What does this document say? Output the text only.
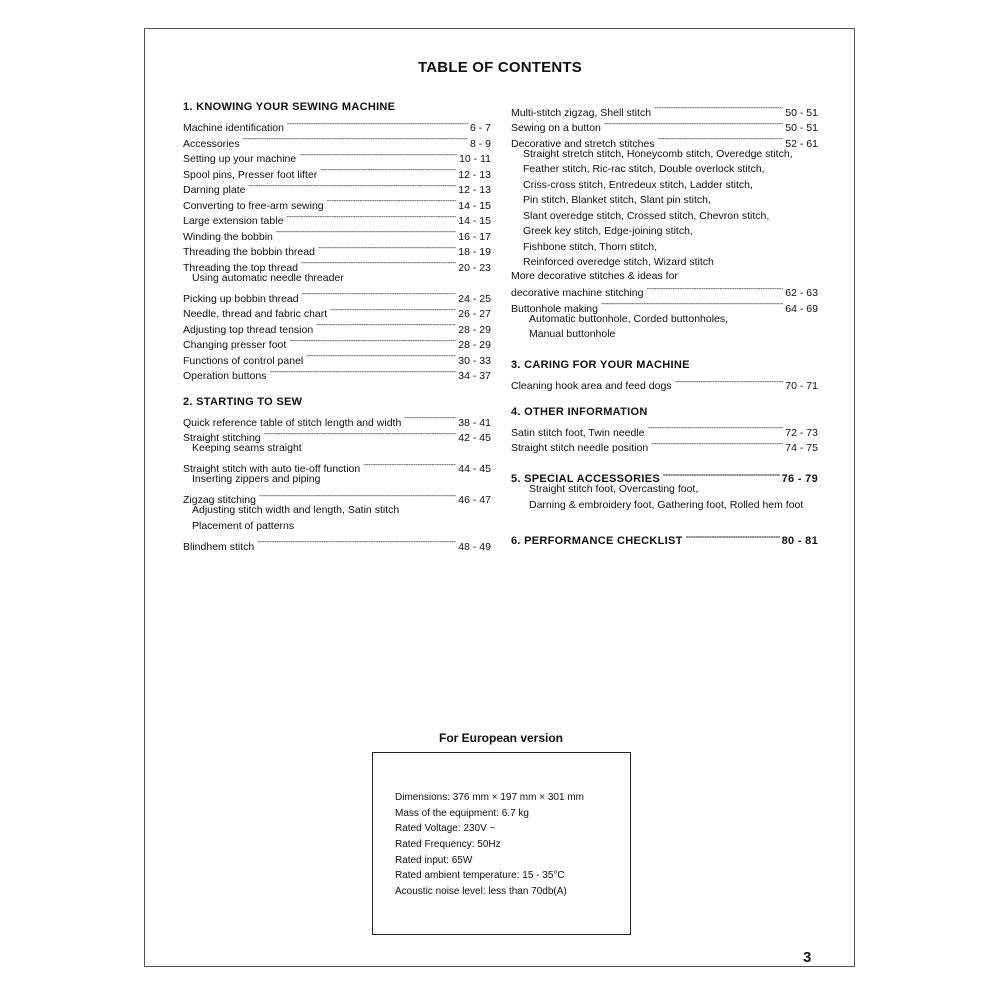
TABLE OF CONTENTS
1. KNOWING YOUR SEWING MACHINE
Machine identification -----	6 - 7
Accessories -----	8 - 9
Setting up your machine -----	10 - 11
Spool pins, Presser foot lifter -----	12 - 13
Darning plate -----	12 - 13
Converting to free-arm sewing -----	14 - 15
Large extension table -----	14 - 15
Winding the bobbin -----	16 - 17
Threading the bobbin thread -----	18 - 19
Threading the top thread -----	20 - 23
Using automatic needle threader
Picking up bobbin thread -----	24 - 25
Needle, thread and fabric chart -----	26 - 27
Adjusting top thread tension -----	28 - 29
Changing presser foot -----	28 - 29
Functions of control panel -----	30 - 33
Operation buttons -----	34 - 37
2. STARTING TO SEW
Quick reference table of stitch length and width -----	38 - 41
Straight stitching -----	42 - 45
Keeping seams straight
Straight stitch with auto tie-off function -----	44 - 45
Inserting zippers and piping
Zigzag stitching -----	46 - 47
Adjusting stitch width and length, Satin stitch
Placement of patterns
Blindhem stitch -----	48 - 49
Multi-stitch zigzag, Shell stitch -----	50 - 51
Sewing on a button -----	50 - 51
Decorative and stretch stitches -----	52 - 61
Straight stretch stitch, Honeycomb stitch, Overedge stitch,
Feather stitch, Ric-rac stitch, Double overlock stitch,
Criss-cross stitch, Entredeux stitch, Ladder stitch,
Pin stitch, Blanket stitch, Slant pin stitch,
Slant overedge stitch, Crossed stitch, Chevron stitch,
Greek key stitch, Edge-joining stitch,
Fishbone stitch, Thorn stitch,
Reinforced overedge stitch, Wizard stitch
More decorative stitches & ideas for
decorative machine stitching -----	62 - 63
Buttonhole making -----	64 - 69
Automatic buttonhole, Corded buttonholes,
Manual buttonhole
3. CARING FOR YOUR MACHINE
Cleaning hook area and feed dogs -----	70 - 71
4. OTHER INFORMATION
Satin stitch foot, Twin needle -----	72 - 73
Straight stitch needle position -----	74 - 75
5. SPECIAL ACCESSORIES -----	76 - 79
Straight stitch foot, Overcasting foot,
Darning & embroidery foot, Gathering foot, Rolled hem foot
6. PERFORMANCE CHECKLIST -----	80 - 81
For European version
Dimensions: 376 mm × 197 mm × 301 mm
Mass of the equipment: 6.7 kg
Rated Voltage: 230V ~
Rated Frequency: 50Hz
Rated input: 65W
Rated ambient temperature: 15 - 35°C
Acoustic noise level: less than 70db(A)
3
